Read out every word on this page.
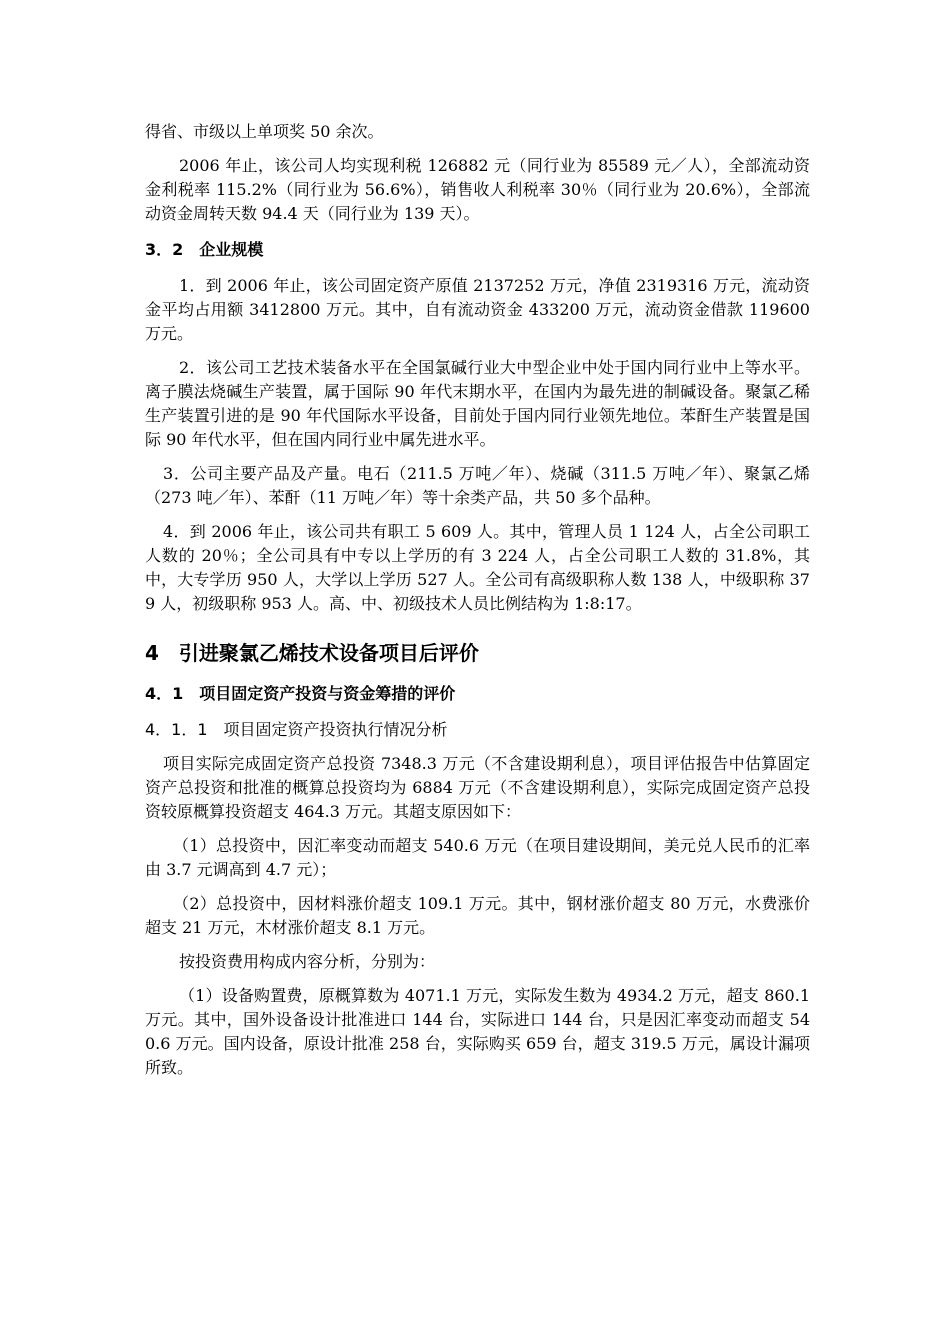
得省、市级以上单项奖 50 余次。

2006 年止，该公司人均实现利税 126882 元（同行业为 85589 元／人），全部流动资金利税率 115.2%（同行业为 56.6%），销售收人利税率 30％（同行业为 20.6%），全部流动资金周转天数 94.4 天（同行业为 139 天）。

3．2　企业规模

1．到 2006 年止，该公司固定资产原值 2137252 万元，净值 2319316 万元，流动资金平均占用额 3412800 万元。其中，自有流动资金 433200 万元，流动资金借款 119600 万元。

2．该公司工艺技术装备水平在全国氯碱行业大中型企业中处于国内同行业中上等水平。离子膜法烧碱生产装置，属于国际 90 年代末期水平，在国内为最先进的制碱设备。聚氯乙稀生产装置引进的是 90 年代国际水平设备，目前处于国内同行业领先地位。苯酐生产装置是国际 90 年代水平，但在国内同行业中属先进水平。

3．公司主要产品及产量。电石（211.5 万吨／年）、烧碱（311.5 万吨／年）、聚氯乙烯（273 吨／年）、苯酐（11 万吨／年）等十余类产品，共 50 多个品种。

4．到 2006 年止，该公司共有职工 5 609 人。其中，管理人员 1 124 人，占全公司职工人数的 20％；全公司具有中专以上学历的有 3 224 人，占全公司职工人数的 31.8%，其中，大专学历 950 人，大学以上学历 527 人。全公司有高级职称人数 138 人，中级职称 379 人，初级职称 953 人。高、中、初级技术人员比例结构为 1:8:17。

4　引进聚氯乙烯技术设备项目后评价
4．1　项目固定资产投资与资金筹措的评价
4．1．1　项目固定资产投资执行情况分析

项目实际完成固定资产总投资 7348.3 万元（不含建设期利息），项目评估报告中估算固定资产总投资和批准的概算总投资均为 6884 万元（不含建设期利息），实际完成固定资产总投资较原概算投资超支 464.3 万元。其超支原因如下：

（1）总投资中，因汇率变动而超支 540.6 万元（在项目建设期间，美元兑人民币的汇率由 3.7 元调高到 4.7 元）；

（2）总投资中，因材料涨价超支 109.1 万元。其中，钢材涨价超支 80 万元，水费涨价超支 21 万元，木材涨价超支 8.1 万元。

按投资费用构成内容分析，分别为：

（1）设备购置费，原概算数为 4071.1 万元，实际发生数为 4934.2 万元，超支 860.1 万元。其中，国外设备设计批准进口 144 台，实际进口 144 台，只是因汇率变动而超支 540.6 万元。国内设备，原设计批准 258 台，实际购买 659 台，超支 319.5 万元，属设计漏项所致。
